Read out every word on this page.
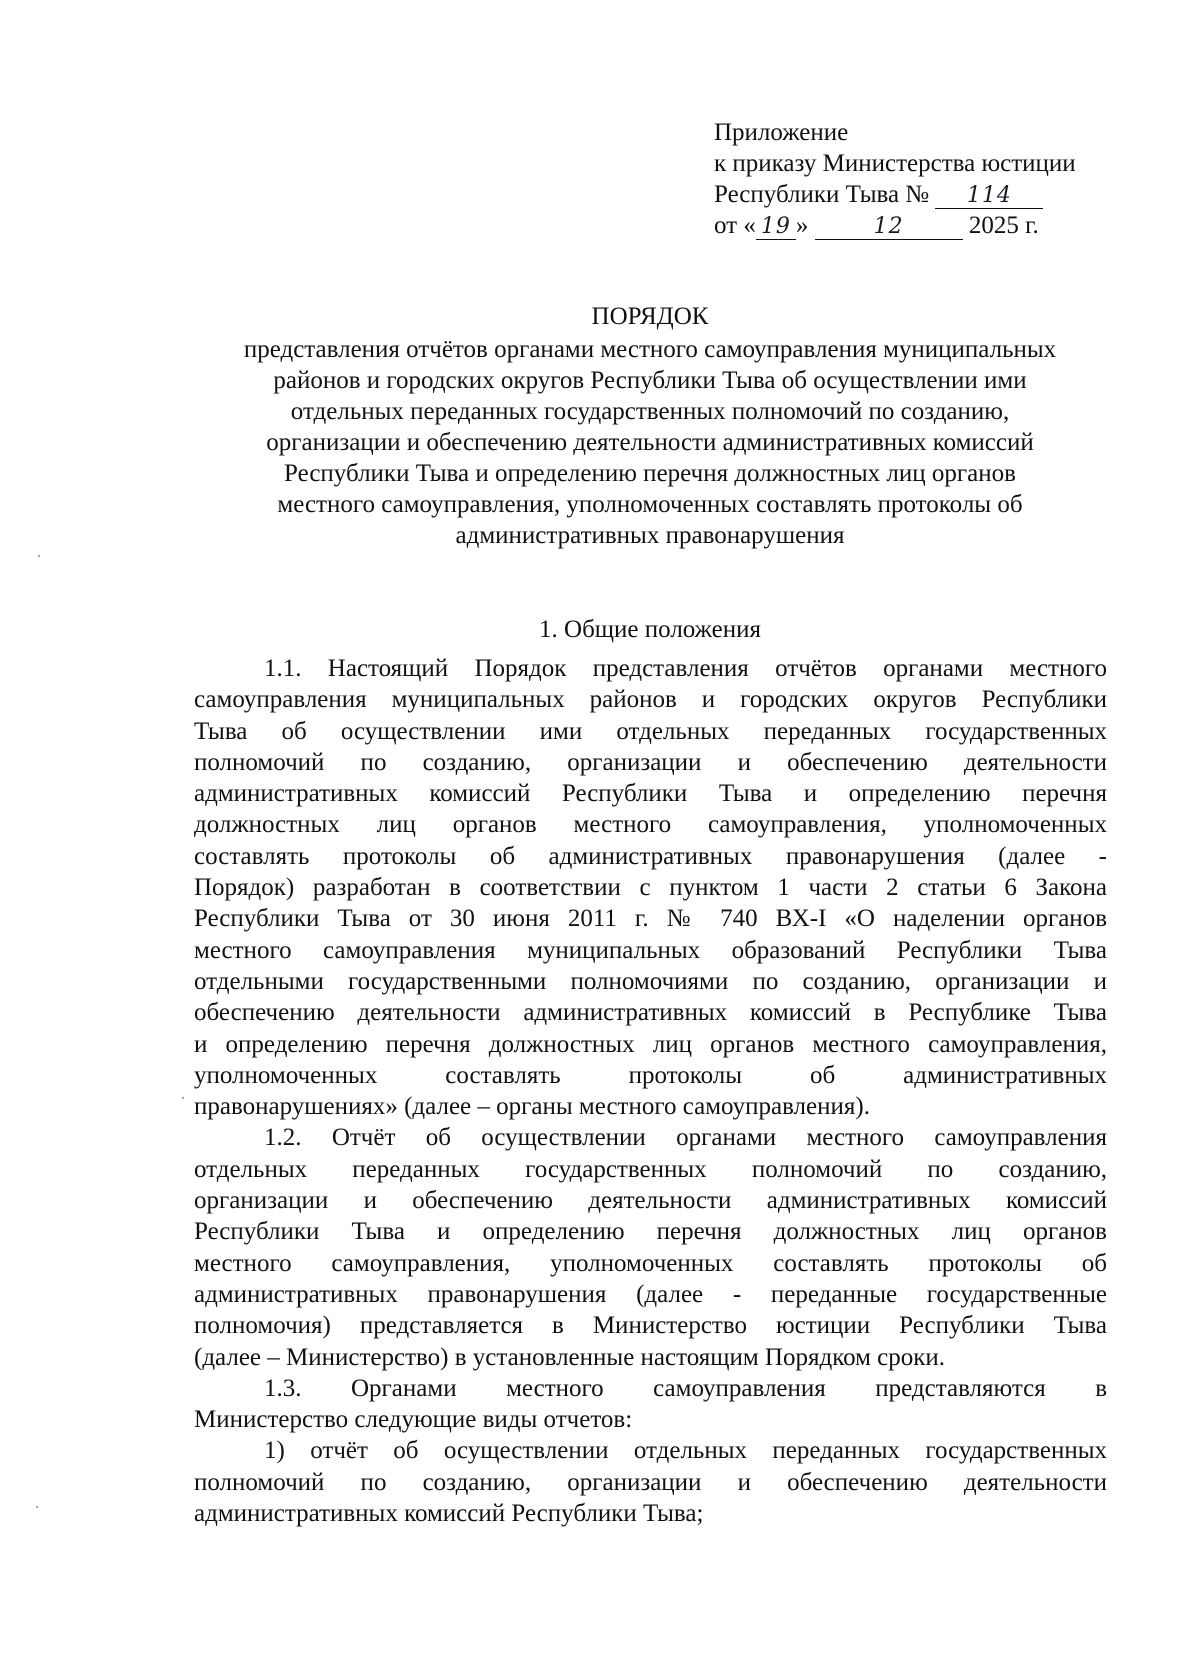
Приложение
к приказу Министерства юстиции
Республики Тыва № 114
от « 19 »	12	2025 г.
ПОРЯДОК
представления отчётов органами местного самоуправления муниципальных
районов и городских округов Республики Тыва об осуществлении ими
отдельных переданных государственных полномочий по созданию,
организации и обеспечению деятельности административных комиссий
Республики Тыва и определению перечня должностных лиц органов
местного самоуправления, уполномоченных составлять протоколы об
административных правонарушения
1. Общие положения
1.1. Настоящий Порядок представления отчётов органами местного
самоуправления муниципальных районов и городских округов Республики
Тыва об осуществлении ими отдельных переданных государственных
полномочий по созданию, организации и обеспечению деятельности
административных комиссий Республики Тыва и определению перечня
должностных лиц органов местного самоуправления, уполномоченных
составлять протоколы об административных правонарушения (далее -
Порядок) разработан в соответствии с пунктом 1 части 2 статьи 6 Закона
Республики Тыва от 30 июня 2011 г. № 740 ВХ-I «О наделении органов
местного самоуправления муниципальных образований Республики Тыва
отдельными государственными полномочиями по созданию, организации и
обеспечению деятельности административных комиссий в Республике Тыва
и определению перечня должностных лиц органов местного самоуправления,
уполномоченных составлять протоколы об административных
правонарушениях» (далее – органы местного самоуправления).
1.2. Отчёт об осуществлении органами местного самоуправления
отдельных переданных государственных полномочий по созданию,
организации и обеспечению деятельности административных комиссий
Республики Тыва и определению перечня должностных лиц органов
местного самоуправления, уполномоченных составлять протоколы об
административных правонарушения (далее - переданные государственные
полномочия) представляется в Министерство юстиции Республики Тыва
(далее – Министерство) в установленные настоящим Порядком сроки.
1.3. Органами местного самоуправления представляются в
Министерство следующие виды отчетов:
1) отчёт об осуществлении отдельных переданных государственных
полномочий по созданию, организации и обеспечению деятельности
административных комиссий Республики Тыва;
